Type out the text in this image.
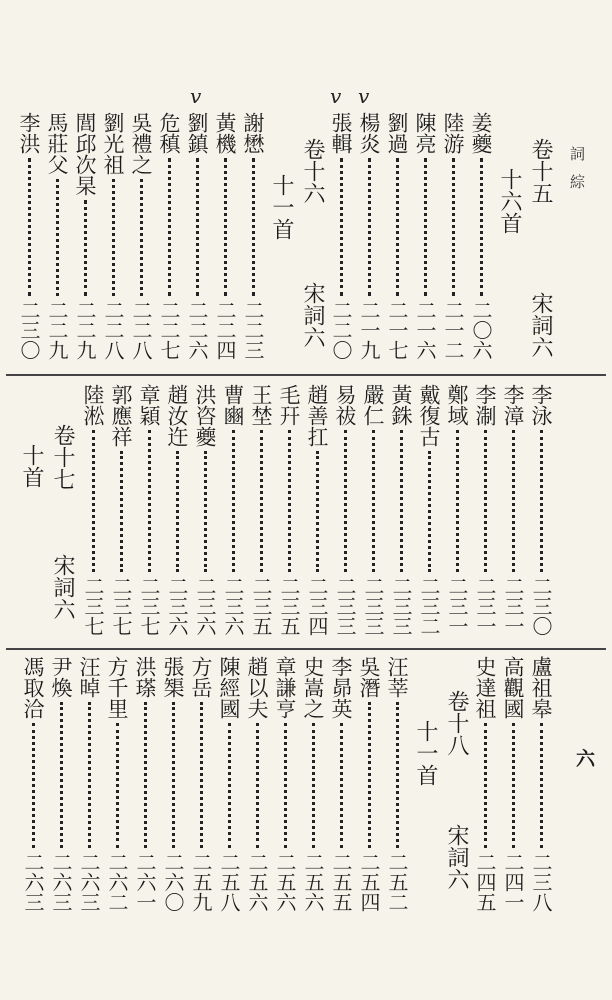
詞 綜
六
v	v v
卷十五
宋詞六
十六首
姜夔
二〇六
陸游
二一二
陳亮
二一六
劉過
二一七
楊炎
二一九
張輯
二二〇
卷十六
宋詞六
十一首
謝懋
二二三
黃機
二二四
劉鎮
二二六
危稹
二二七
吳禮之
二二八
劉光祖
二二八
閭邱次杲
二二九
馬莊父
二二九
李洪
二三〇
李泳
二三〇
李漳
二三一
李淛
二三一
鄭域
二三一
戴復古
二三二
黃銖
二三三
嚴仁
二三三
易祓
二三三
趙善扛
二三四
毛幵
二三五
王埜
二三五
曹豳
二三六
洪咨夔
二三六
趙汝迕
二三六
章穎
二三七
郭應祥
二三七
陸淞
二三七
卷十七
宋詞六
十首
盧祖皋
二三八
高觀國
二四一
史達祖
二四五
卷十八
宋詞六
十一首
汪莘
二五二
吳潛
二五四
李昴英
二五五
史嵩之
二五六
章謙亨
二五六
趙以夫
二五六
陳經國
二五八
方岳
二五九
張榘
二六〇
洪瑹
二六一
方千里
二六二
汪晫
二六三
尹煥
二六三
馮取洽
二六三
